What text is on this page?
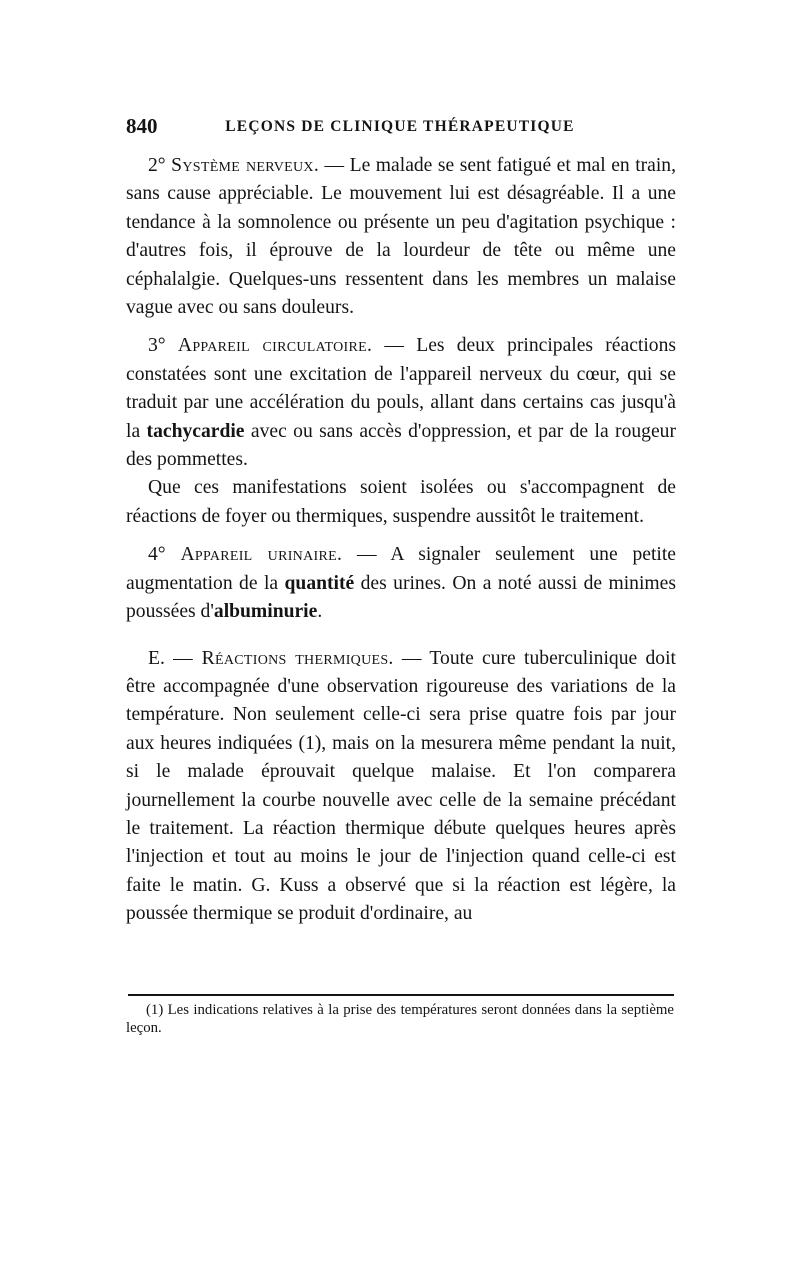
840	LEÇONS DE CLINIQUE THÉRAPEUTIQUE

2° Système nerveux. — Le malade se sent fatigué et mal en train, sans cause appréciable. Le mouvement lui est désagréable. Il a une tendance à la somnolence ou présente un peu d'agitation psychique : d'autres fois, il éprouve de la lourdeur de tête ou même une céphalalgie. Quelques-uns ressentent dans les membres un malaise vague avec ou sans douleurs.

3° Appareil circulatoire. — Les deux principales réactions constatées sont une excitation de l'appareil nerveux du cœur, qui se traduit par une accélération du pouls, allant dans certains cas jusqu'à la tachycardie avec ou sans accès d'oppression, et par de la rougeur des pommettes.

Que ces manifestations soient isolées ou s'accompagnent de réactions de foyer ou thermiques, suspendre aussitôt le traitement.

4° Appareil urinaire. — A signaler seulement une petite augmentation de la quantité des urines. On a noté aussi de minimes poussées d'albuminurie.

E. — Réactions thermiques. — Toute cure tuberculinique doit être accompagnée d'une observation rigoureuse des variations de la température. Non seulement celle-ci sera prise quatre fois par jour aux heures indiquées (1), mais on la mesurera même pendant la nuit, si le malade éprouvait quelque malaise. Et l'on comparera journellement la courbe nouvelle avec celle de la semaine précédant le traitement. La réaction thermique débute quelques heures après l'injection et tout au moins le jour de l'injection quand celle-ci est faite le matin. G. Kuss a observé que si la réaction est légère, la poussée thermique se produit d'ordinaire, au

(1) Les indications relatives à la prise des températures seront données dans la septième leçon.
